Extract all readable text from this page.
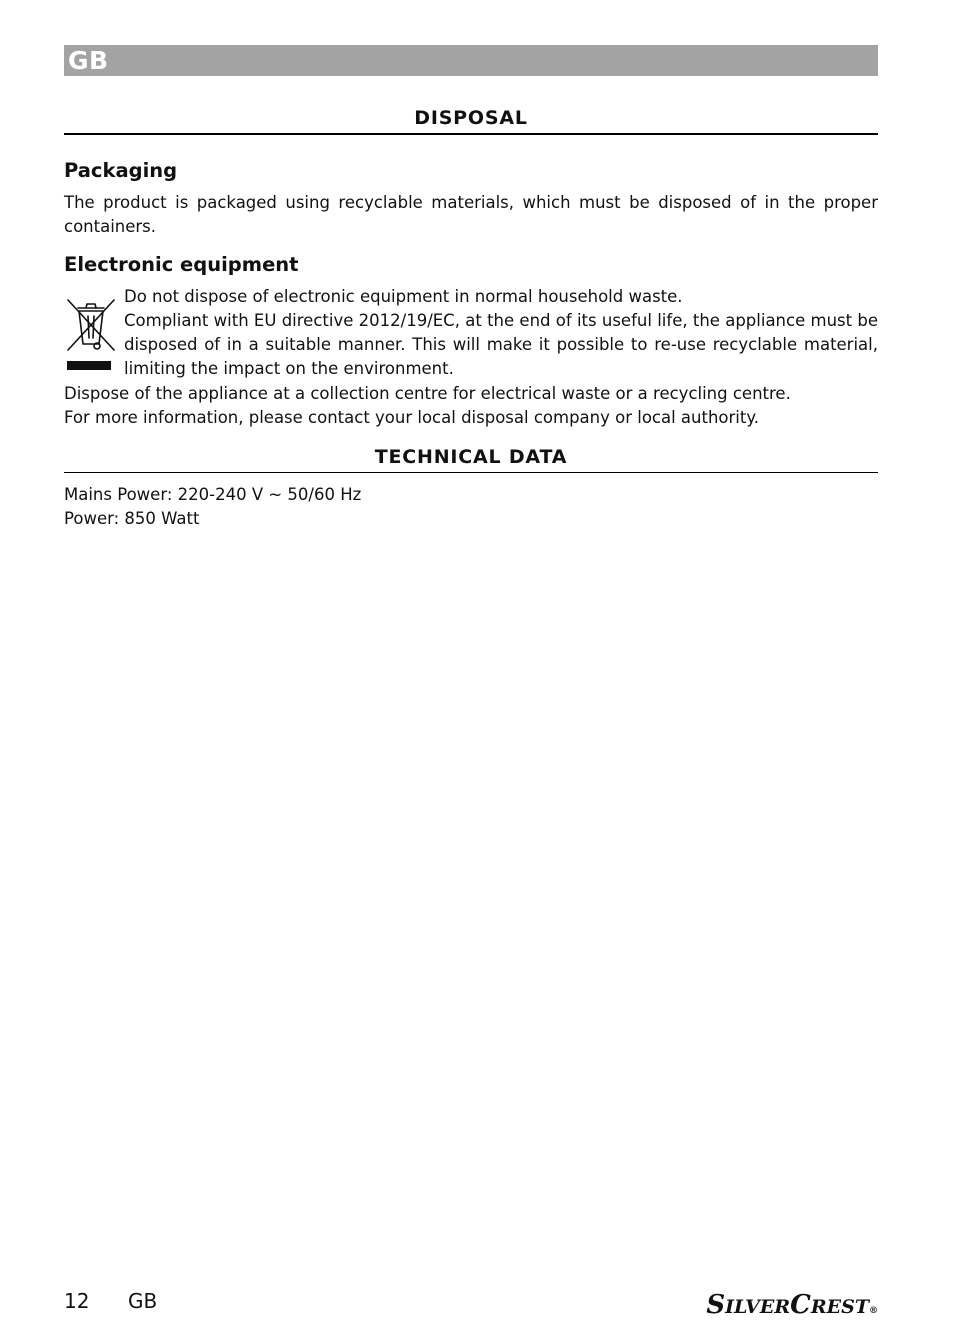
GB
DISPOSAL
Packaging
The product is packaged using recyclable materials, which must be disposed of in the proper containers.
Electronic equipment
Do not dispose of electronic equipment in normal household waste.
Compliant with EU directive 2012/19/EC, at the end of its useful life, the appliance must be disposed of in a suitable manner. This will make it possible to re-use recyclable material, limiting the impact on the environment.
Dispose of the appliance at a collection centre for electrical waste or a recycling centre.
For more information, please contact your local disposal company or local authority.
TECHNICAL DATA
Mains Power: 220-240 V ~ 50/60 Hz
Power: 850 Watt
12 GB	SILVERCREST®
